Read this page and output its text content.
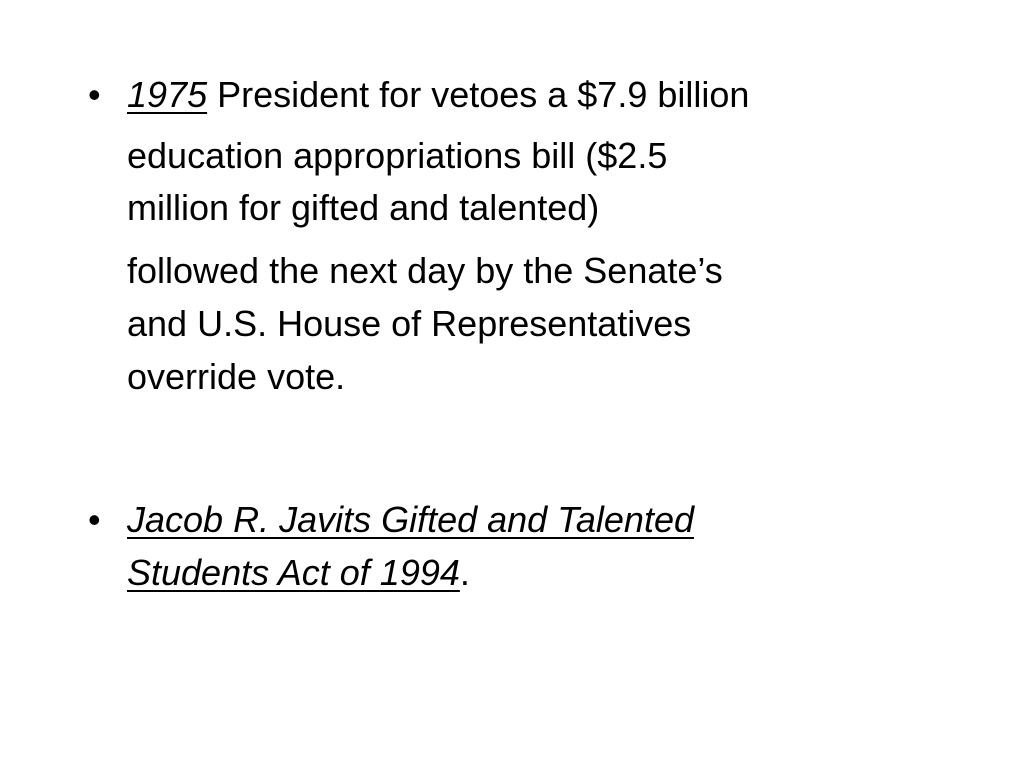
• 1975 President for vetoes a $7.9 billion
education appropriations bill ($2.5
million for gifted and talented)
followed the next day by the Senate’s
and U.S. House of Representatives
override vote.
• Jacob R. Javits Gifted and Talented
Students Act of 1994.
